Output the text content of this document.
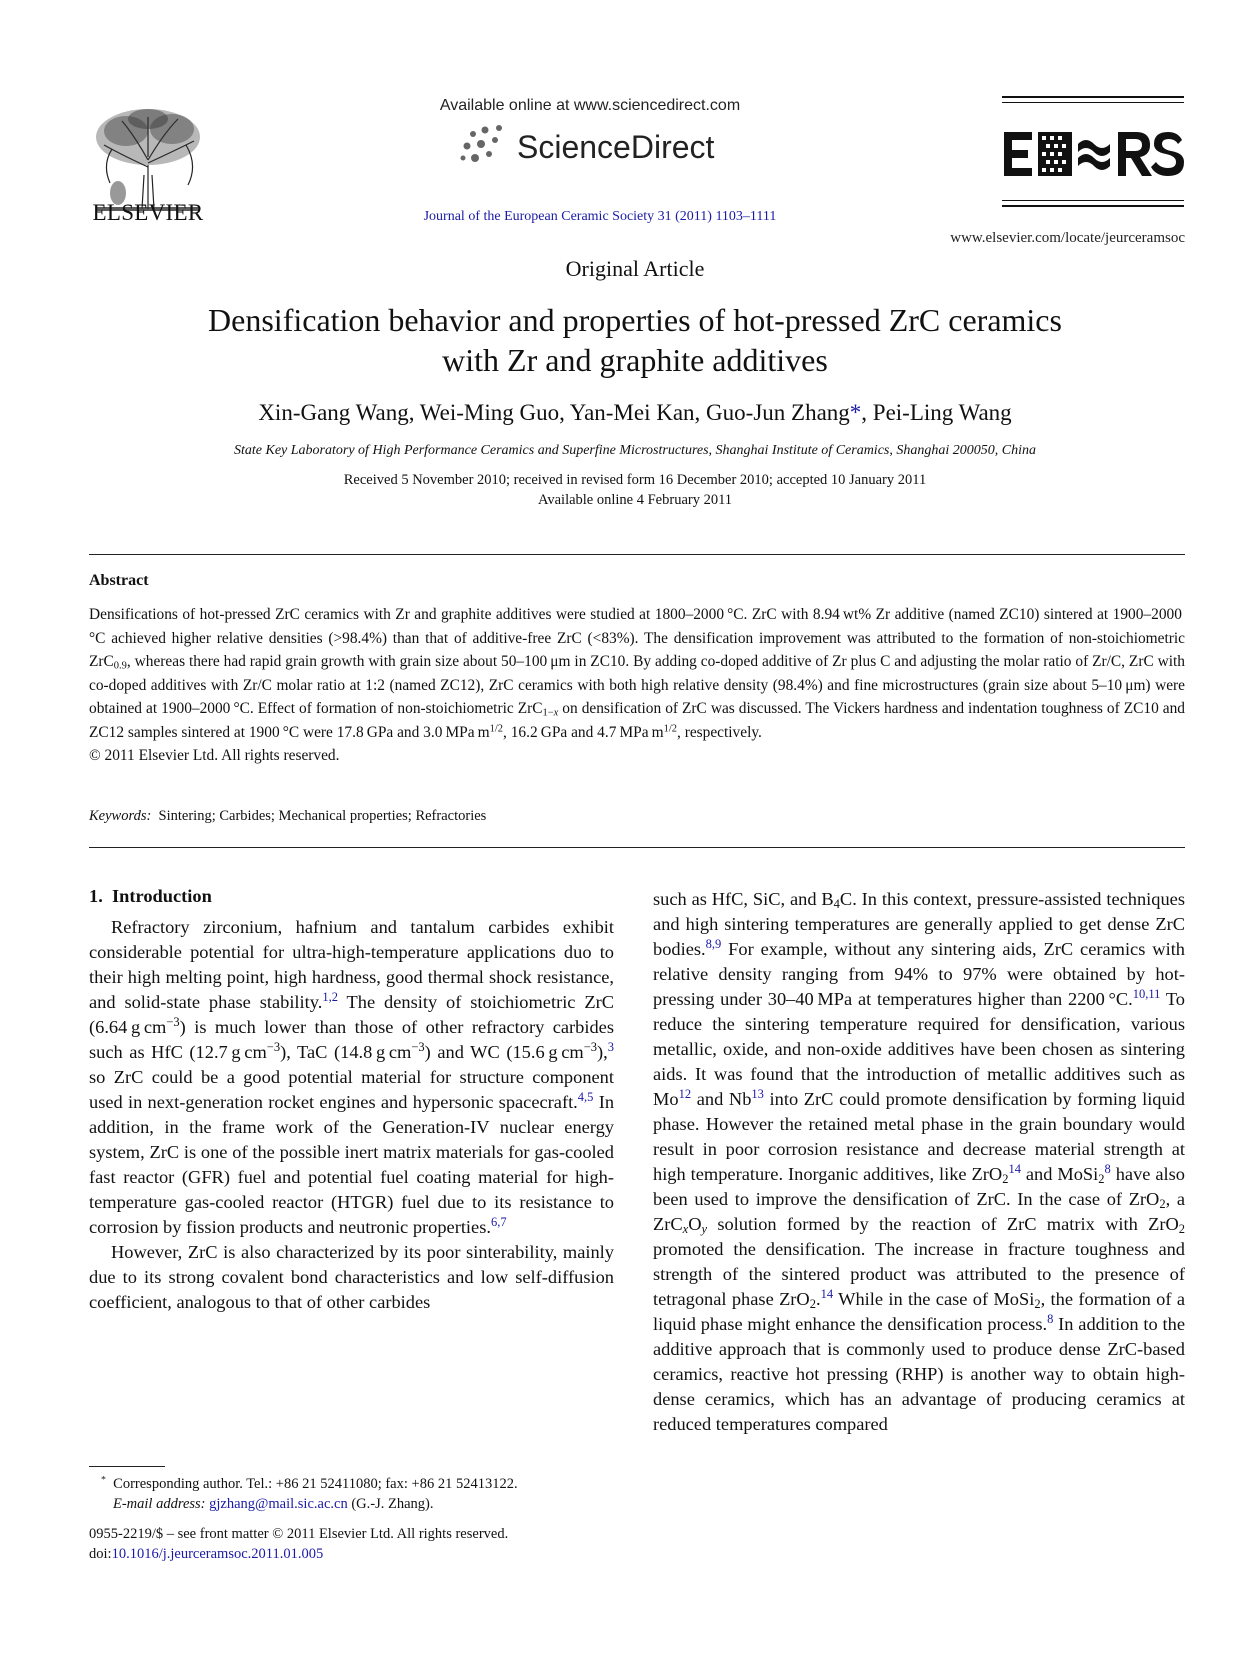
ELSEVIER
Available online at www.sciencedirect.com
ScienceDirect
Journal of the European Ceramic Society 31 (2011) 1103–1111
ECERS
www.elsevier.com/locate/jeurceramsoc
Original Article
Densification behavior and properties of hot-pressed ZrC ceramics
with Zr and graphite additives
Xin-Gang Wang, Wei-Ming Guo, Yan-Mei Kan, Guo-Jun Zhang*, Pei-Ling Wang
State Key Laboratory of High Performance Ceramics and Superfine Microstructures, Shanghai Institute of Ceramics, Shanghai 200050, China
Received 5 November 2010; received in revised form 16 December 2010; accepted 10 January 2011
Available online 4 February 2011
Abstract
Densifications of hot-pressed ZrC ceramics with Zr and graphite additives were studied at 1800–2000 °C. ZrC with 8.94 wt% Zr additive (named ZC10) sintered at 1900–2000 °C achieved higher relative densities (>98.4%) than that of additive-free ZrC (<83%). The densification improvement was attributed to the formation of non-stoichiometric ZrC$_{0.9}$, whereas there had rapid grain growth with grain size about 50–100 μm in ZC10. By adding co-doped additive of Zr plus C and adjusting the molar ratio of Zr/C, ZrC with co-doped additives with Zr/C molar ratio at 1:2 (named ZC12), ZrC ceramics with both high relative density (98.4%) and fine microstructures (grain size about 5–10 μm) were obtained at 1900–2000 °C. Effect of formation of non-stoichiometric ZrC$_{1-x}$ on densification of ZrC was discussed. The Vickers hardness and indentation toughness of ZC10 and ZC12 samples sintered at 1900 °C were 17.8 GPa and 3.0 MPa $m^{1/2}$, 16.2 GPa and 4.7 MPa $m^{1/2}$, respectively.
© 2011 Elsevier Ltd. All rights reserved.
Keywords: Sintering; Carbides; Mechanical properties; Refractories
1.  Introduction

Refractory zirconium, hafnium and tantalum carbides exhibit considerable potential for ultra-high-temperature applications duo to their high melting point, high hardness, good thermal shock resistance, and solid-state phase stability.$^{1,2}$ The density of stoichiometric ZrC (6.64 g $cm^{-3}$) is much lower than those of other refractory carbides such as HfC (12.7 g $cm^{-3}$), TaC (14.8 g $cm^{-3}$) and WC (15.6 g $cm^{-3}),^3$ so ZrC could be a good potential material for structure component used in next-generation rocket engines and hypersonic spacecraft.$^{4,5}$ In addition, in the frame work of the Generation-IV nuclear energy system, ZrC is one of the possible inert matrix materials for gas-cooled fast reactor (GFR) fuel and potential fuel coating material for high-temperature gas-cooled reactor (HTGR) fuel due to its resistance to corrosion by fission products and neutronic properties.$^{6,7}$

However, ZrC is also characterized by its poor sinterability, mainly due to its strong covalent bond characteristics and low self-diffusion coefficient, analogous to that of other carbides

such as HfC, SiC, and $B_4C$. In this context, pressure-assisted techniques and high sintering temperatures are generally applied to get dense ZrC bodies.$^{8,9}$ For example, without any sintering aids, ZrC ceramics with relative density ranging from 94% to 97% were obtained by hot-pressing under 30–40 MPa at temperatures higher than 2200 °C.$^{10,11}$ To reduce the sintering temperature required for densification, various metallic, oxide, and non-oxide additives have been chosen as sintering aids. It was found that the introduction of metallic additives such as Mo$^{12}$ and Nb$^{13}$ into ZrC could promote densification by forming liquid phase. However the retained metal phase in the grain boundary would result in poor corrosion resistance and decrease material strength at high temperature. Inorganic additives, like ZrO$_2^{14}$ and MoSi$_2^8$ have also been used to improve the densification of ZrC. In the case of ZrO$_2$, a $ZrC_xO_y$ solution formed by the reaction of ZrC matrix with ZrO$_2$ promoted the densification. The increase in fracture toughness and strength of the sintered product was attributed to the presence of tetragonal phase ZrO$_2$.$^{14}$ While in the case of MoSi$_2$, the formation of a liquid phase might enhance the densification process.$^8$ In addition to the additive approach that is commonly used to produce dense ZrC-based ceramics, reactive hot pressing (RHP) is another way to obtain high-dense ceramics, which has an advantage of producing ceramics at reduced temperatures compared

* Corresponding author. Tel.: +86 21 52411080; fax: +86 21 52413122.
E-mail address: gjzhang@mail.sic.ac.cn (G.-J. Zhang).
0955-2219/$ – see front matter © 2011 Elsevier Ltd. All rights reserved.
doi:10.1016/j.jeurceramsoc.2011.01.005
